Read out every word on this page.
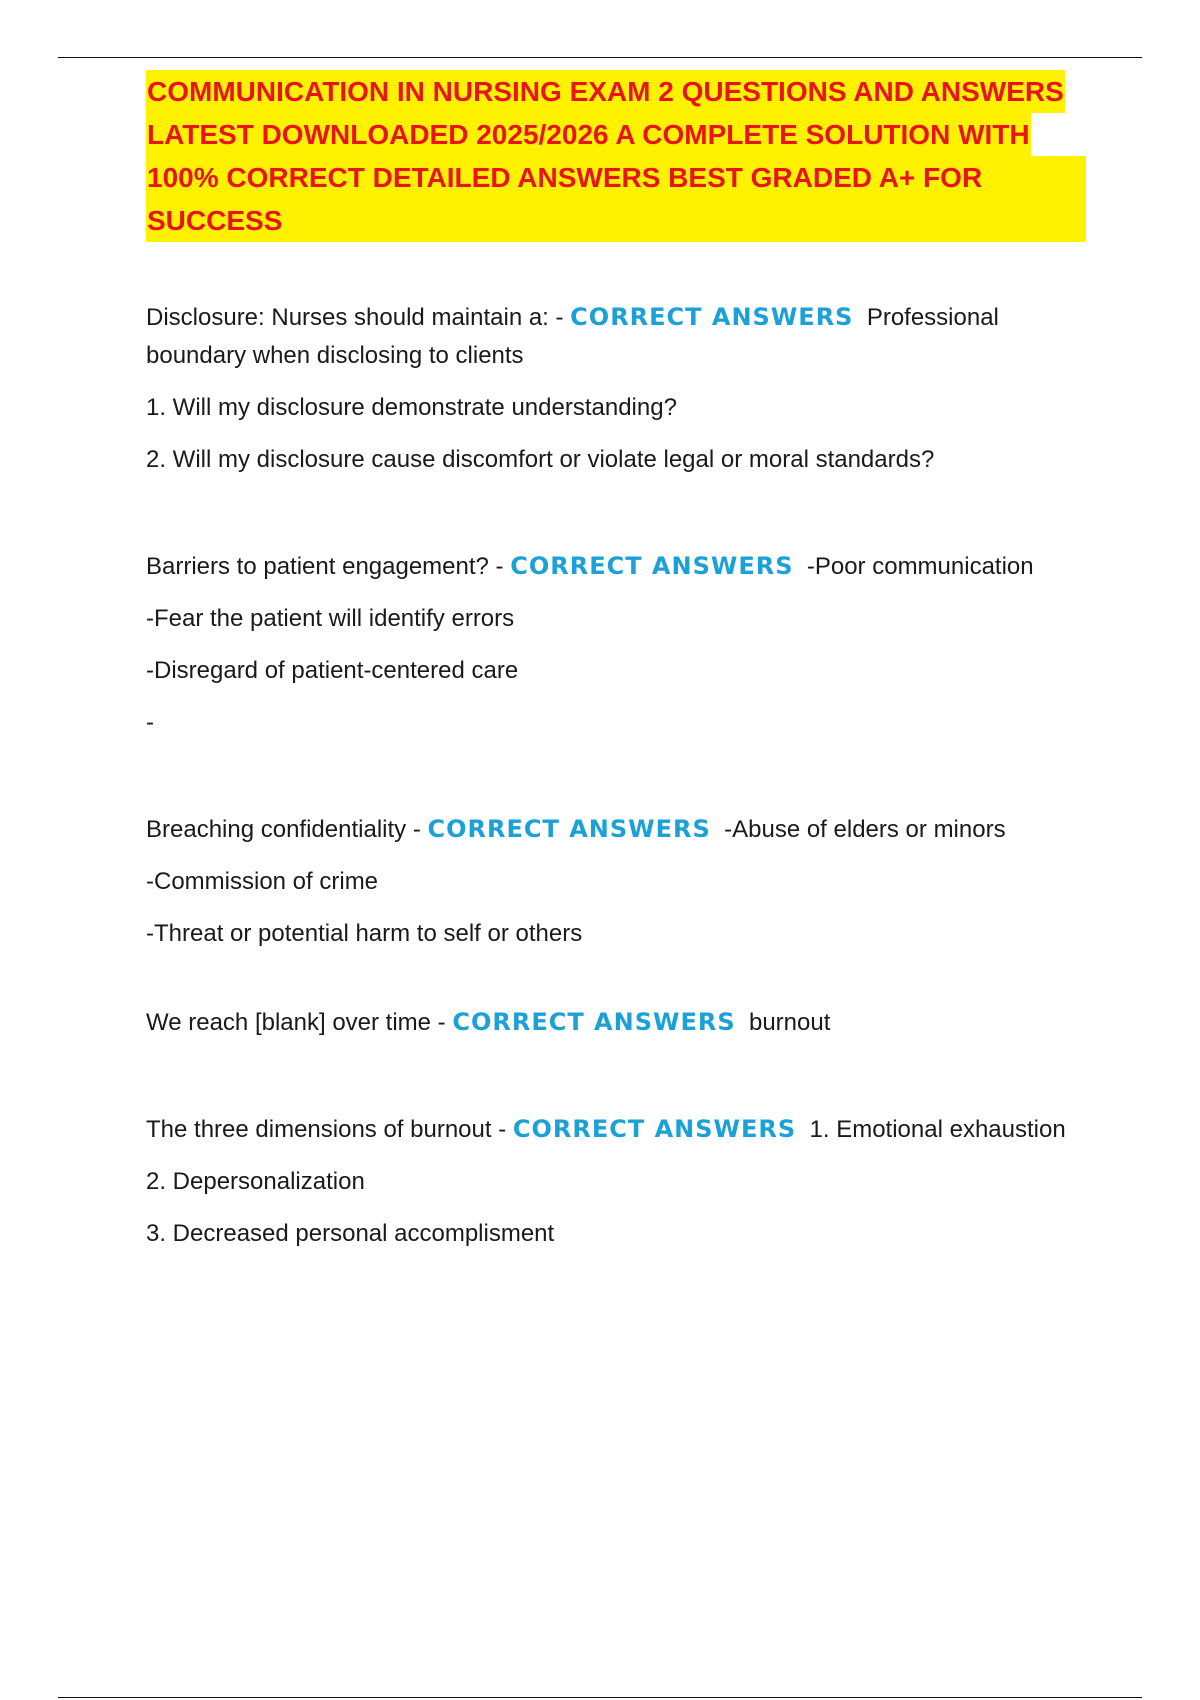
COMMUNICATION IN NURSING EXAM 2 QUESTIONS AND ANSWERS
LATEST DOWNLOADED 2025/2026 A COMPLETE SOLUTION WITH
100% CORRECT DETAILED ANSWERS BEST GRADED A+ FOR SUCCESS

Disclosure: Nurses should maintain a: - CORRECT ANSWERS Professional boundary when disclosing to clients

1. Will my disclosure demonstrate understanding?

2. Will my disclosure cause discomfort or violate legal or moral standards?

Barriers to patient engagement? - CORRECT ANSWERS -Poor communication

-Fear the patient will identify errors

-Disregard of patient-centered care

-

Breaching confidentiality - CORRECT ANSWERS -Abuse of elders or minors

-Commission of crime

-Threat or potential harm to self or others

We reach [blank] over time - CORRECT ANSWERS burnout

The three dimensions of burnout - CORRECT ANSWERS 1. Emotional exhaustion

2. Depersonalization

3. Decreased personal accomplisment
